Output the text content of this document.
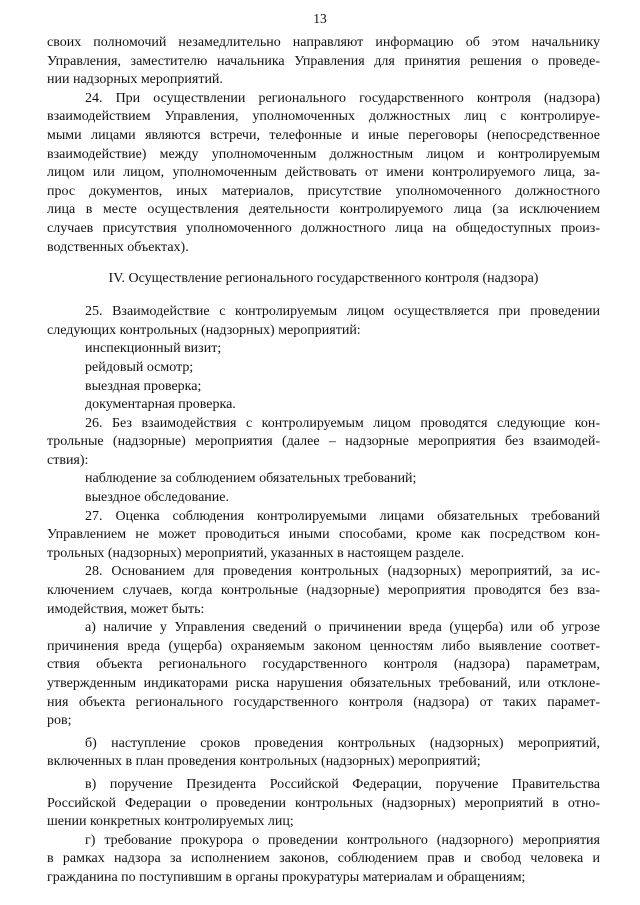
13
своих полномочий незамедлительно направляют информацию об этом начальнику
Управления, заместителю начальника Управления для принятия решения о проведе-
нии надзорных мероприятий.
24. При осуществлении регионального государственного контроля (надзора)
взаимодействием Управления, уполномоченных должностных лиц с контролируе-
мыми лицами являются встречи, телефонные и иные переговоры (непосредственное
взаимодействие) между уполномоченным должностным лицом и контролируемым
лицом или лицом, уполномоченным действовать от имени контролируемого лица, за-
прос документов, иных материалов, присутствие уполномоченного должностного
лица в месте осуществления деятельности контролируемого лица (за исключением
случаев присутствия уполномоченного должностного лица на общедоступных произ-
водственных объектах).
IV. Осуществление регионального государственного контроля (надзора)
25. Взаимодействие с контролируемым лицом осуществляется при проведении
следующих контрольных (надзорных) мероприятий:
инспекционный визит;
рейдовый осмотр;
выездная проверка;
документарная проверка.
26. Без взаимодействия с контролируемым лицом проводятся следующие кон-
трольные (надзорные) мероприятия (далее – надзорные мероприятия без взаимодей-
ствия):
наблюдение за соблюдением обязательных требований;
выездное обследование.
27. Оценка соблюдения контролируемыми лицами обязательных требований
Управлением не может проводиться иными способами, кроме как посредством кон-
трольных (надзорных) мероприятий, указанных в настоящем разделе.
28. Основанием для проведения контрольных (надзорных) мероприятий, за ис-
ключением случаев, когда контрольные (надзорные) мероприятия проводятся без вза-
имодействия, может быть:
а) наличие у Управления сведений о причинении вреда (ущерба) или об угрозе
причинения вреда (ущерба) охраняемым законом ценностям либо выявление соответ-
ствия объекта регионального государственного контроля (надзора) параметрам,
утвержденным индикаторами риска нарушения обязательных требований, или отклоне-
ния объекта регионального государственного контроля (надзора) от таких парамет-
ров;
б) наступление сроков проведения контрольных (надзорных) мероприятий,
включенных в план проведения контрольных (надзорных) мероприятий;
в) поручение Президента Российской Федерации, поручение Правительства
Российской Федерации о проведении контрольных (надзорных) мероприятий в отно-
шении конкретных контролируемых лиц;
г) требование прокурора о проведении контрольного (надзорного) мероприятия
в рамках надзора за исполнением законов, соблюдением прав и свобод человека и
гражданина по поступившим в органы прокуратуры материалам и обращениям;
